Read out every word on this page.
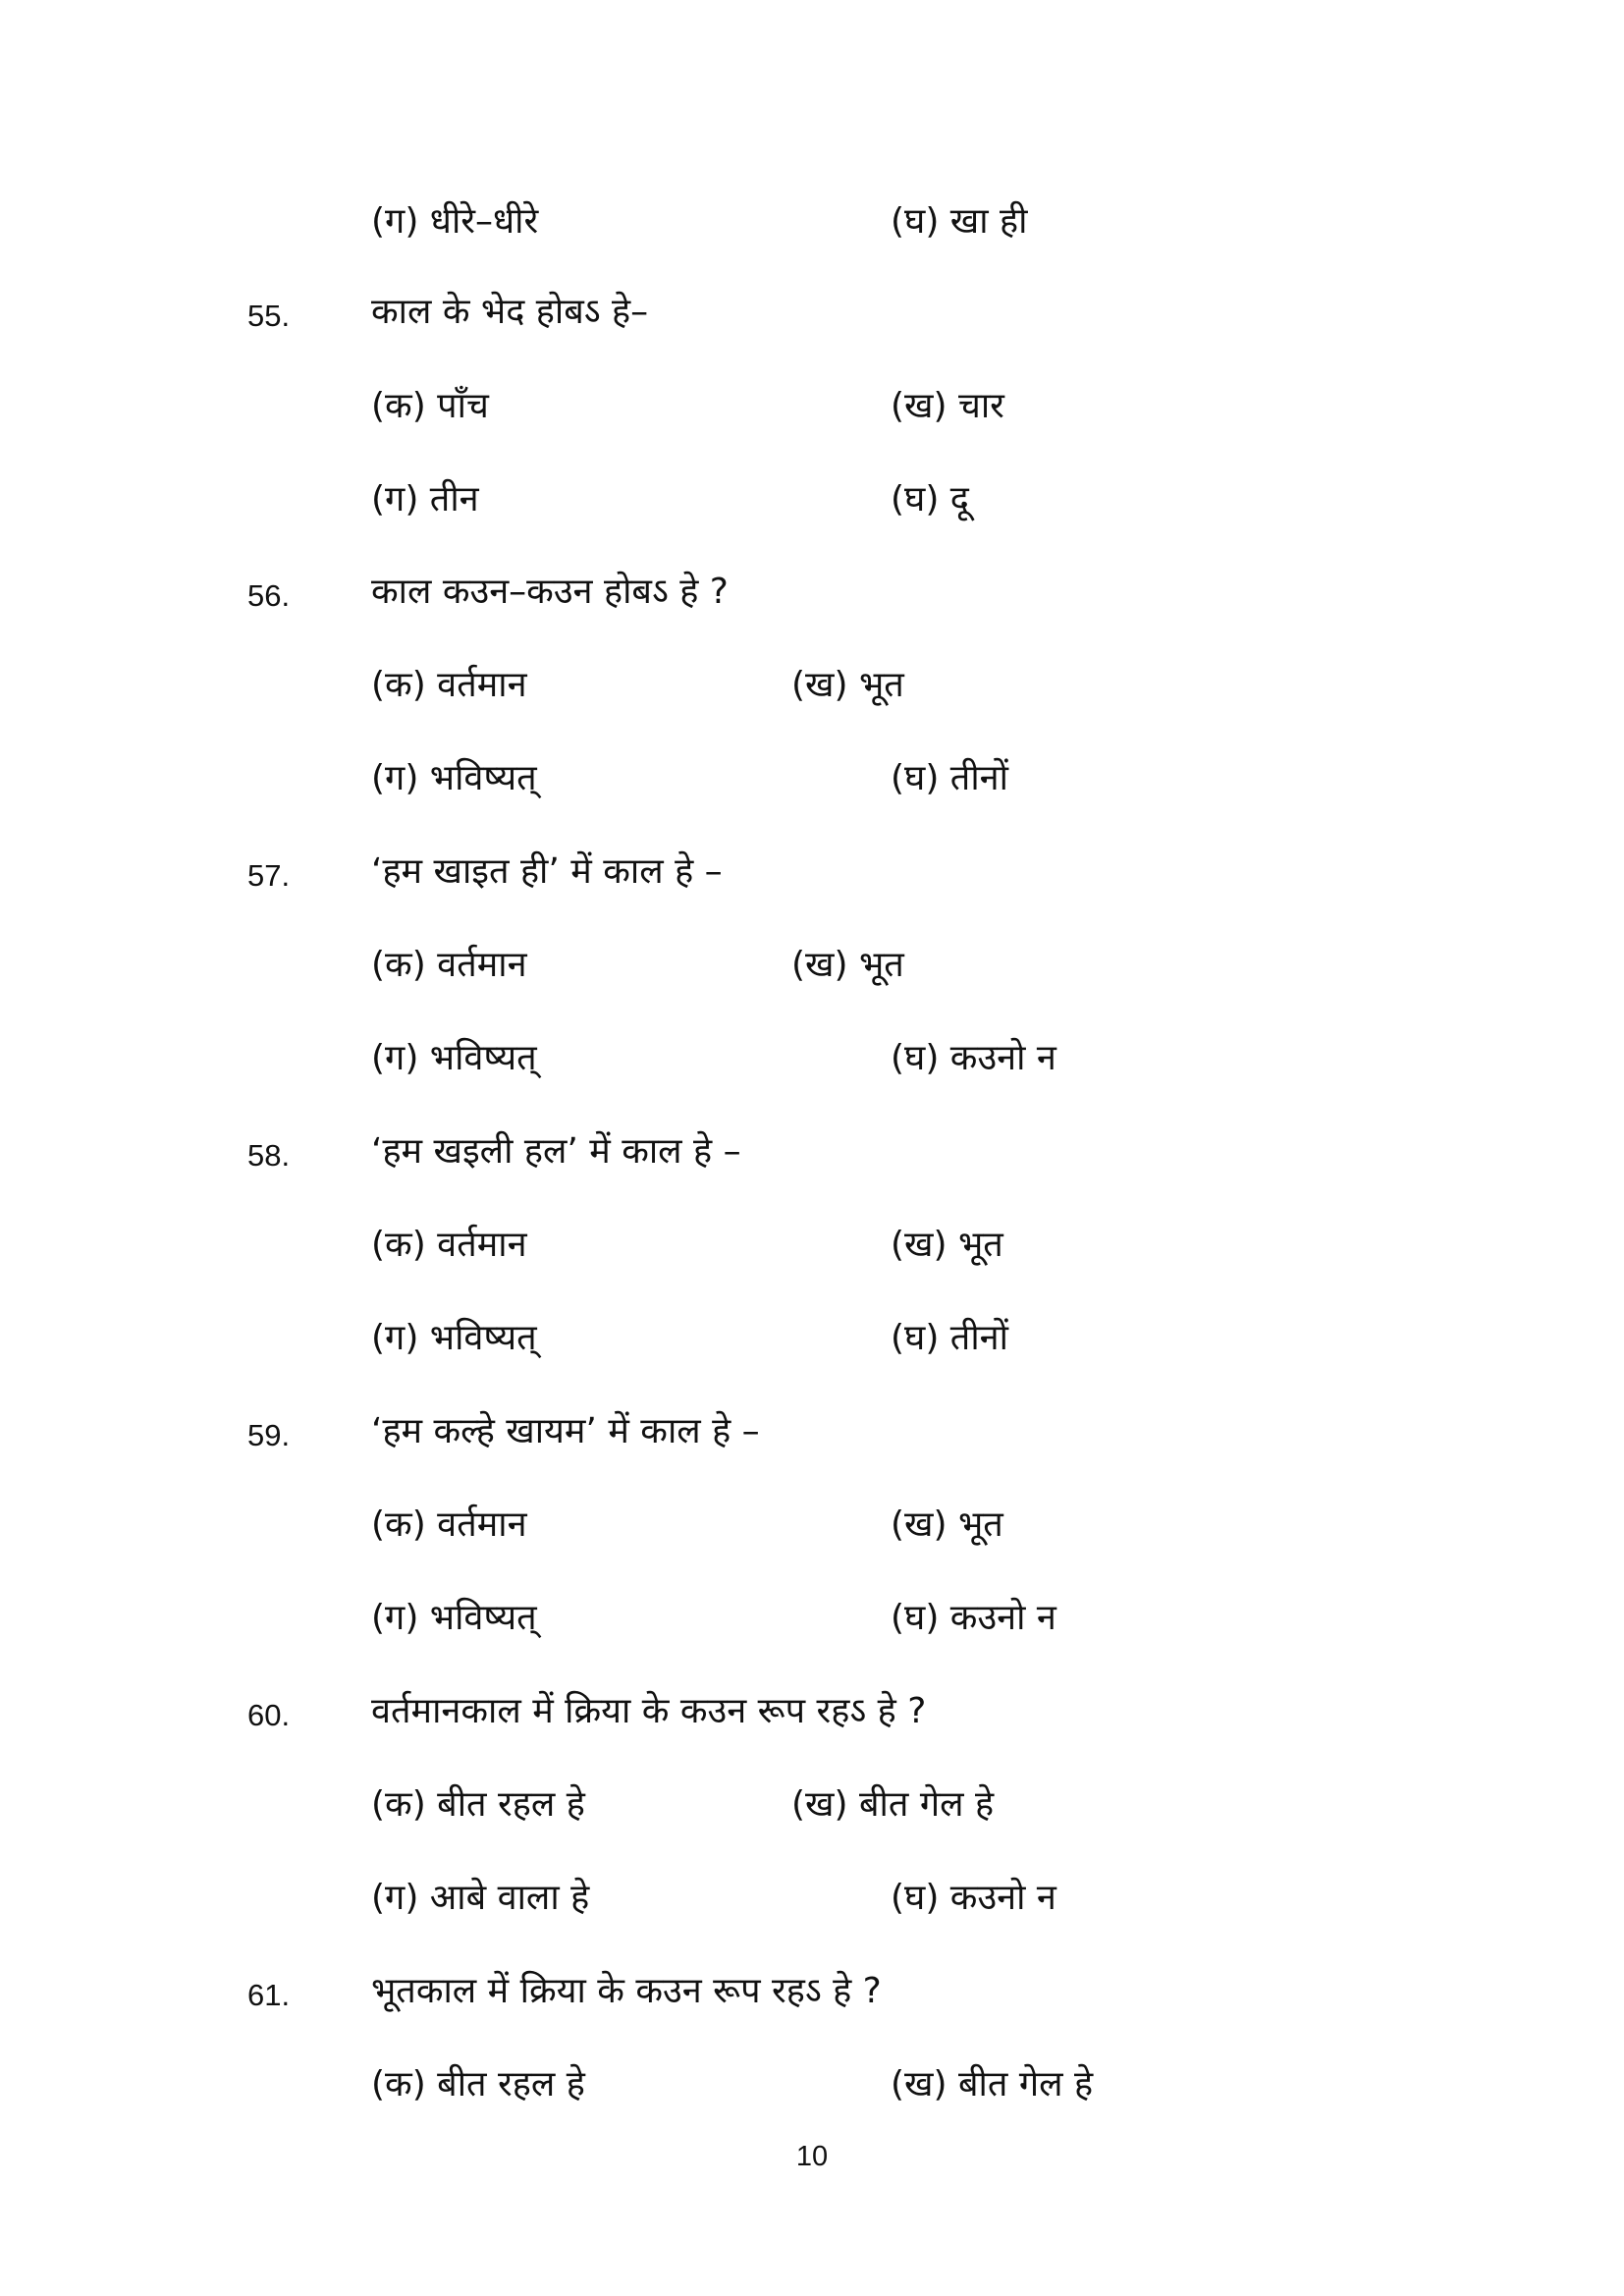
(ग) धीरे–धीरे	(घ) खा ही
55. काल के भेद होबऽ हे–
(क) पाँच	(ख) चार
(ग) तीन	(घ) दू
56. काल कउन–कउन होबऽ हे ?
(क) वर्तमान	(ख) भूत
(ग) भविष्यत्	(घ) तीनों
57. ‘हम खाइत ही’ में काल हे –
(क) वर्तमान	(ख) भूत
(ग) भविष्यत्	(घ) कउनो न
58. ‘हम खइली हल’ में काल हे –
(क) वर्तमान	(ख) भूत
(ग) भविष्यत्	(घ) तीनों
59. ‘हम कल्हे खायम’ में काल हे –
(क) वर्तमान	(ख) भूत
(ग) भविष्यत्	(घ) कउनो न
60. वर्तमानकाल में क्रिया के कउन रूप रहऽ हे ?
(क) बीत रहल हे	(ख) बीत गेल हे
(ग) आबे वाला हे	(घ) कउनो न
61. भूतकाल में क्रिया के कउन रूप रहऽ हे ?
(क) बीत रहल हे	(ख) बीत गेल हे
10
